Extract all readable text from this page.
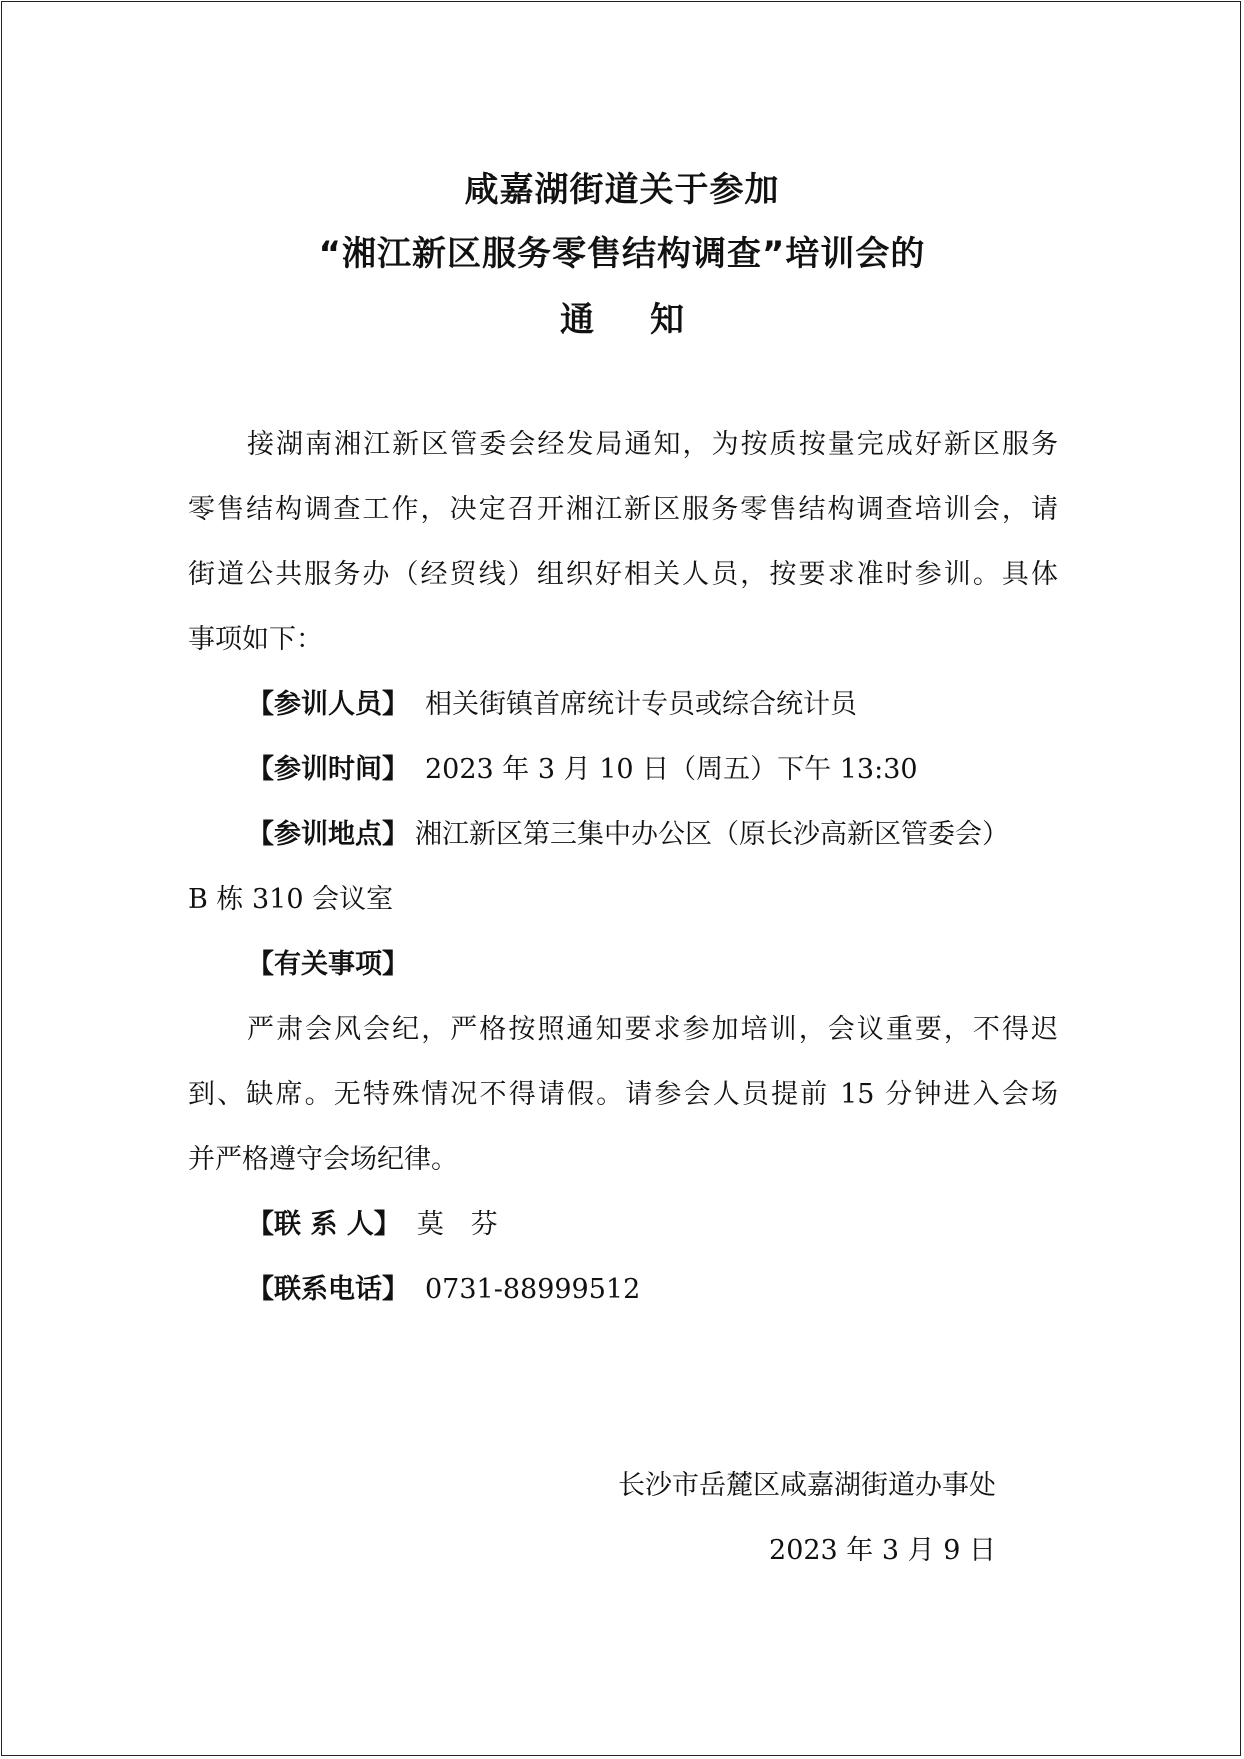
咸嘉湖街道关于参加
“湘江新区服务零售结构调查”培训会的
通 知
接湖南湘江新区管委会经发局通知，为按质按量完成好新区服务
零售结构调查工作，决定召开湘江新区服务零售结构调查培训会，请
街道公共服务办（经贸线）组织好相关人员，按要求准时参训。具体
事项如下：
【参训人员】 相关街镇首席统计专员或综合统计员
【参训时间】 2023 年 3 月 10 日（周五）下午 13:30
【参训地点】 湘江新区第三集中办公区（原长沙高新区管委会）
B 栋 310 会议室
【有关事项】
严肃会风会纪，严格按照通知要求参加培训，会议重要，不得迟
到、缺席。无特殊情况不得请假。请参会人员提前 15 分钟进入会场
并严格遵守会场纪律。
【联 系 人】 莫　芬
【联系电话】 0731-88999512
长沙市岳麓区咸嘉湖街道办事处
2023 年 3 月 9 日
